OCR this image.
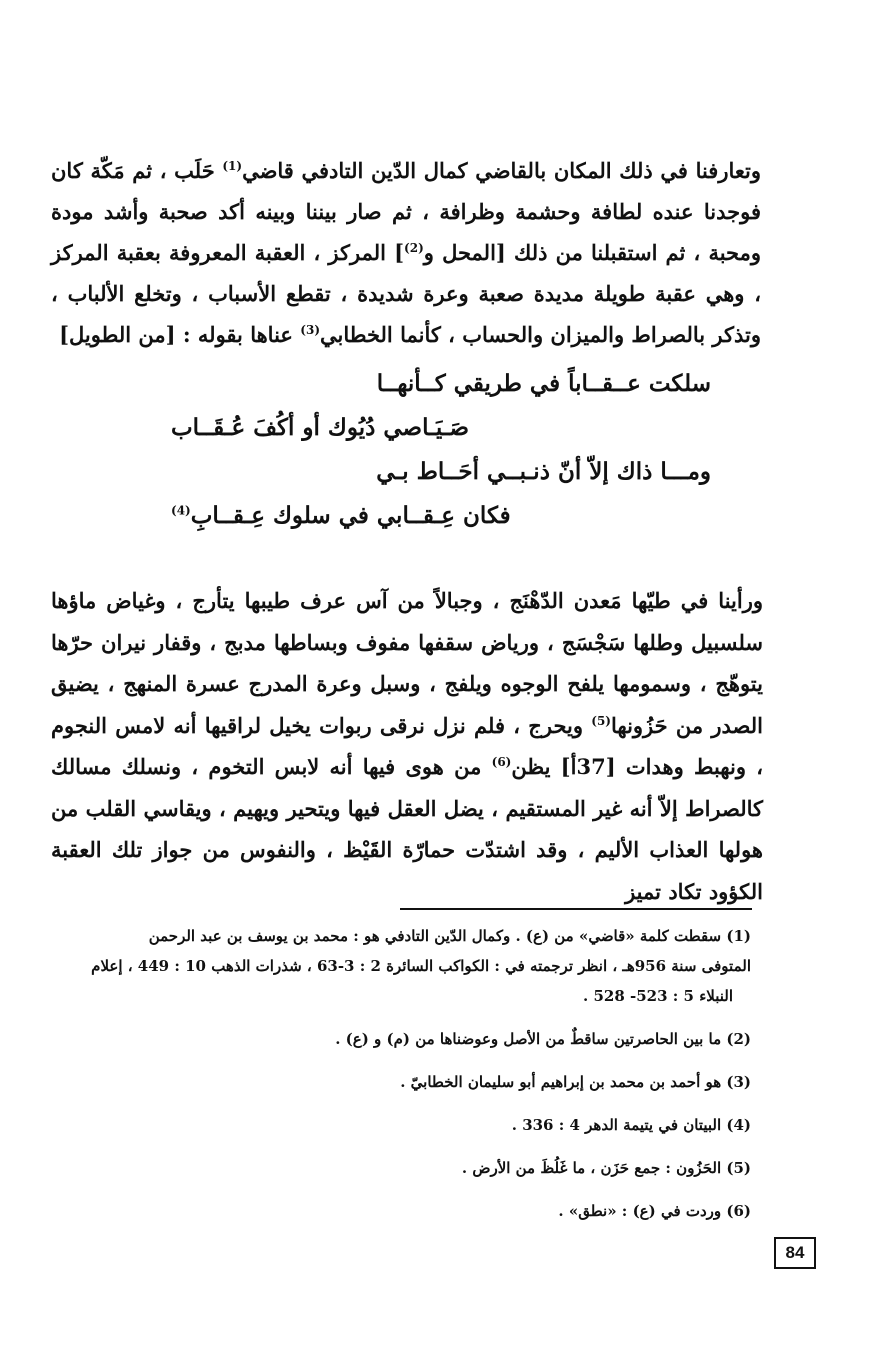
وتعارفنا في ذلك المكان بالقاضي كمال الدّين التادفي قاضي$^{(1)}$ حَلَب ، ثم مَكّة كان فوجدنا عنده لطافة وحشمة وظرافة ، ثم صار بيننا وبينه أكد صحبة وأشد مودة ومحبة ، ثم استقبلنا من ذلك [المحل و$^{(2)}$] المركز ، العقبة المعروفة بعقبة المركز ، وهي عقبة طويلة مديدة صعبة وعرة شديدة ، تقطع الأسباب ، وتخلع الألباب ، وتذكر بالصراط والميزان والحساب ، كأنما الخطابي$^{(3)}$ عناها بقوله : [من الطويل]
سلكت عــقــاباً في طريقي كــأنهــا
صَـيَـاصي دُيُوك أو أكُفَ عُـقَــاب
ومـــا ذاك إلاّ أنّ ذنـبــي أحَــاط بـي
فكان عِـقــابي في سلوك عِـقــابِ$^{(4)}$
ورأينا في طيّها مَعدن الدّهْنَج ، وجبالاً من آس عرف طيبها يتأرج ، وغياض ماؤها سلسبيل وطلها سَجْسَج ، ورياض سقفها مفوف وبساطها مدبج ، وقفار نيران حرّها يتوهّج ، وسمومها يلفح الوجوه ويلفج ، وسبل وعرة المدرج عسرة المنهج ، يضيق الصدر من حَزُونها$^{(5)}$ ويحرج ، فلم نزل نرقى ربوات يخيل لراقيها أنه لامس النجوم ، ونهبط وهدات [37أ] يظن$^{(6)}$ من هوى فيها أنه لابس التخوم ، ونسلك مسالك كالصراط إلاّ أنه غير المستقيم ، يضل العقل فيها ويتحير ويهيم ، ويقاسي القلب من هولها العذاب الأليم ، وقد اشتدّت حمارّة القَيْظ ، والنفوس من جواز تلك العقبة الكؤود تكاد تميز
(1) سقطت كلمة «قاضي» من (ع) . وكمال الدّين التادفي هو : محمد بن يوسف بن عبد الرحمن
المتوفى سنة 956هـ ، انظر ترجمته في : الكواكب السائرة 2 : 3-63 ، شذرات الذهب 10 : 449 ، إعلام
النبلاء 5 : 523- 528 .
(2) ما بين الحاصرتين ساقطٌ من الأصل وعوضناها من (م) و (ع) .
(3) هو أحمد بن محمد بن إبراهيم أبو سليمان الخطابيّ .
(4) البيتان في يتيمة الدهر 4 : 336 .
(5) الحَزُون : جمع حَزَن ، ما غَلُظَ من الأرض .
(6) وردت في (ع) : «نطق» .
84
